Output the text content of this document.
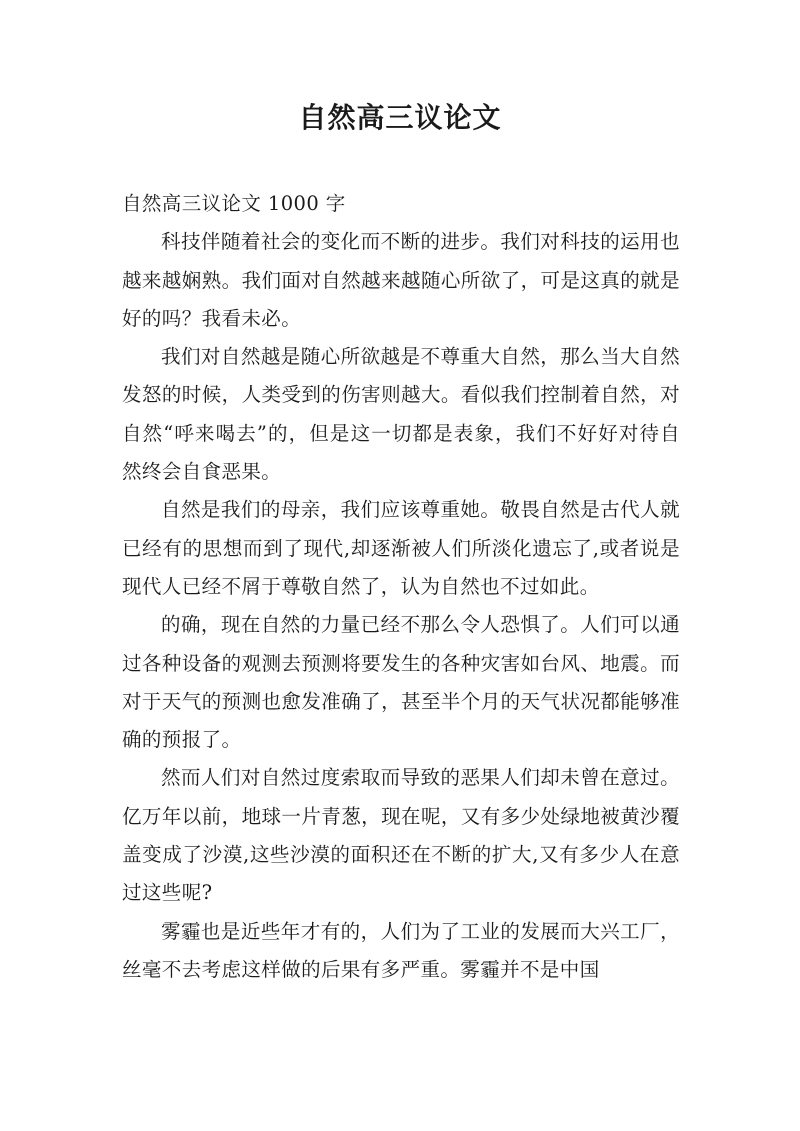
自然高三议论文

自然高三议论文 1000 字

科技伴随着社会的变化而不断的进步。我们对科技的运用也越来越娴熟。我们面对自然越来越随心所欲了，可是这真的就是好的吗？我看未必。

我们对自然越是随心所欲越是不尊重大自然，那么当大自然发怒的时候，人类受到的伤害则越大。看似我们控制着自然，对自然“呼来喝去”的，但是这一切都是表象，我们不好好对待自然终会自食恶果。

自然是我们的母亲，我们应该尊重她。敬畏自然是古代人就已经有的思想而到了现代,却逐渐被人们所淡化遗忘了,或者说是现代人已经不屑于尊敬自然了，认为自然也不过如此。

的确，现在自然的力量已经不那么令人恐惧了。人们可以通过各种设备的观测去预测将要发生的各种灾害如台风、地震。而对于天气的预测也愈发准确了，甚至半个月的天气状况都能够准确的预报了。

然而人们对自然过度索取而导致的恶果人们却未曾在意过。亿万年以前，地球一片青葱，现在呢，又有多少处绿地被黄沙覆盖变成了沙漠,这些沙漠的面积还在不断的扩大,又有多少人在意过这些呢?

雾霾也是近些年才有的，人们为了工业的发展而大兴工厂，丝毫不去考虑这样做的后果有多严重。雾霾并不是中国
